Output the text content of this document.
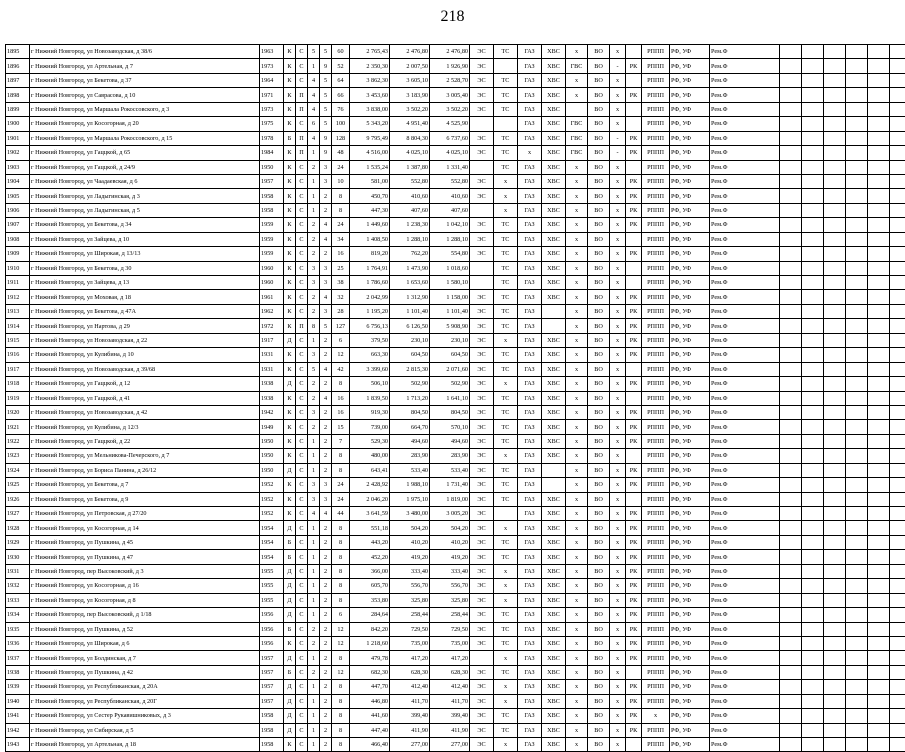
218
1895	г Нижний Новгород, ул Новозаводская, д 38/6	1963	К	С	5	5	60	2 765,43	2 476,80	2 476,80	ЭС	ТС	ГАЗ	ХВС	х	ВО	х		РППП	РФ, УФ	Рем.Ф						
1896	г Нижний Новгород, ул Артельная, д 7	1973	К	С	1	9	52	2 350,30	2 007,50	1 926,90	ЭС		ГАЗ	ХВС	ГВС	ВО	-	РК	РППП	РФ, УФ	Рем.Ф						
1897	г Нижний Новгород, ул Бекетова, д 37	1964	К	С	4	5	64	3 862,30	3 605,10	2 528,70	ЭС	ТС	ГАЗ	ХВС	х	ВО	х		РППП	РФ, УФ	Рем.Ф						
1898	г Нижний Новгород, ул Саврасова, д 10	1971	К	П	4	5	66	3 453,60	3 183,90	3 005,40	ЭС	ТС	ГАЗ	ХВС	х	ВО	х	РК	РППП	РФ, УФ	Рем.Ф						
1899	г Нижний Новгород, ул Маршала Рокоссовского, д 3	1973	К	П	4	5	76	3 838,00	3 502,20	3 502,20	ЭС	ТС	ГАЗ	ХВС		ВО	х		РППП	РФ, УФ	Рем.Ф						
1900	г Нижний Новгород, ул Косогорная, д 20	1975	К	С	6	5	100	5 343,20	4 951,40	4 525,90			ГАЗ	ХВС	ГВС	ВО	х		РППП	РФ, УФ	Рем.Ф						
1901	г Нижний Новгород, ул Маршала Рокоссовского, д 15	1978	Б	П	4	9	128	9 795,49	8 804,30	6 737,60	ЭС	ТС	ГАЗ	ХВС	ГВС	ВО	-	РК	РППП	РФ, УФ	Рем.Ф						
1902	г Нижний Новгород, ул Гаццкой, д 65	1984	К	П	1	9	48	4 516,00	4 025,10	4 025,10	ЭС	ТС	х	ХВС	ГВС	ВО	-	РК	РППП	РФ, УФ	Рем.Ф						
1903	г Нижний Новгород, ул Гаццкой, д 24/9	1950	К	С	2	3	24	1 535,24	1 387,80	1 331,40		ТС	ГАЗ	ХВС	х	ВО	х		РППП	РФ, УФ	Рем.Ф						
1904	г Нижний Новгород, ул Чаадаевская, д 6	1957	К	С	1	3	10	581,00	552,80	552,80	ЭС	х	ГАЗ	ХВС	х	ВО	х	РК	РППП	РФ, УФ	Рем.Ф						
1905	г Нижний Новгород, ул Ладыгинская, д 3	1958	К	С	1	2	8	450,70	410,60	410,60	ЭС	х	ГАЗ	ХВС	х	ВО	х	РК	РППП	РФ, УФ	Рем.Ф						
1906	г Нижний Новгород, ул Ладыгинская, д 5	1958	К	С	1	2	8	447,30	407,60	407,60		х	ГАЗ	ХВС	х	ВО	х	РК	РППП	РФ, УФ	Рем.Ф						
1907	г Нижний Новгород, ул Бекетова, д 34	1959	К	С	2	4	24	1 449,60	1 238,30	1 042,10	ЭС	ТС	ГАЗ	ХВС	х	ВО	х	РК	РППП	РФ, УФ	Рем.Ф						
1908	г Нижний Новгород, ул Зайцева, д 10	1959	К	С	2	4	34	1 408,50	1 288,10	1 288,10	ЭС	ТС	ГАЗ	ХВС	х	ВО	х		РППП	РФ, УФ	Рем.Ф						
1909	г Нижний Новгород, ул Широкая, д 13/13	1959	К	С	2	2	16	819,20	762,20	554,80	ЭС	ТС	ГАЗ	ХВС	х	ВО	х	РК	РППП	РФ, УФ	Рем.Ф						
1910	г Нижний Новгород, ул Бекетова, д 30	1960	К	С	3	3	25	1 764,91	1 473,90	1 018,60		ТС	ГАЗ	ХВС	х	ВО	х		РППП	РФ, УФ	Рем.Ф						
1911	г Нижний Новгород, ул Зайцева, д 13	1960	К	С	3	3	38	1 786,60	1 653,60	1 580,10		ТС	ГАЗ	ХВС	х	ВО	х		РППП	РФ, УФ	Рем.Ф						
1912	г Нижний Новгород, ул Моховая, д 18	1961	К	С	2	4	32	2 042,99	1 312,90	1 158,00	ЭС	ТС	ГАЗ	ХВС	х	ВО	х	РК	РППП	РФ, УФ	Рем.Ф						
1913	г Нижний Новгород, ул Бекетова, д 47А	1962	К	С	2	3	28	1 195,20	1 101,40	1 101,40	ЭС	ТС	ГАЗ		х	ВО	х	РК	РППП	РФ, УФ	Рем.Ф						
1914	г Нижний Новгород, ул Нартова, д 29	1972	К	П	8	5	127	6 756,13	6 126,50	5 908,90	ЭС	ТС	ГАЗ		х	ВО	х	РК	РППП	РФ, УФ	Рем.Ф						
1915	г Нижний Новгород, ул Новозаводская, д 22	1917	Д	С	1	2	6	379,50	230,10	230,10	ЭС	х	ГАЗ	ХВС	х	ВО	х	РК	РППП	РФ, УФ	Рем.Ф						
1916	г Нижний Новгород, ул Кулибина, д 10	1931	К	С	3	2	12	663,30	604,50	604,50	ЭС	ТС	ГАЗ	ХВС	х	ВО	х	РК	РППП	РФ, УФ	Рем.Ф						
1917	г Нижний Новгород, ул Новозаводская, д 39/68	1931	К	С	5	4	42	3 399,60	2 815,30	2 071,60	ЭС	ТС	ГАЗ	ХВС	х	ВО	х		РППП	РФ, УФ	Рем.Ф						
1918	г Нижний Новгород, ул Гаццкой, д 12	1938	Д	С	2	2	8	506,10	502,90	502,90	ЭС	х	ГАЗ	ХВС	х	ВО	х	РК	РППП	РФ, УФ	Рем.Ф						
1919	г Нижний Новгород, ул Гаццкой, д 41	1938	К	С	2	4	16	1 839,50	1 713,20	1 641,10	ЭС	ТС	ГАЗ	ХВС	х	ВО	х		РППП	РФ, УФ	Рем.Ф						
1920	г Нижний Новгород, ул Новозаводская, д 42	1942	К	С	3	2	16	919,30	804,50	804,50	ЭС	ТС	ГАЗ	ХВС	х	ВО	х	РК	РППП	РФ, УФ	Рем.Ф						
1921	г Нижний Новгород, ул Кулибина, д 12/3	1949	К	С	2	2	15	739,00	664,70	570,10	ЭС	ТС	ГАЗ	ХВС	х	ВО	х	РК	РППП	РФ, УФ	Рем.Ф						
1922	г Нижний Новгород, ул Гаццкой, д 22	1950	К	С	1	2	7	529,30	494,60	494,60	ЭС	ТС	ГАЗ	ХВС	х	ВО	х	РК	РППП	РФ, УФ	Рем.Ф						
1923	г Нижний Новгород, ул Мельникова-Печерского, д 7	1950	К	С	1	2	8	480,00	283,90	283,90	ЭС	х	ГАЗ	ХВС	х	ВО	х		РППП	РФ, УФ	Рем.Ф						
1924	г Нижний Новгород, ул Бориса Панина, д 26/12	1950	Д	С	1	2	8	643,41	533,40	533,40	ЭС	ТС	ГАЗ		х	ВО	х	РК	РППП	РФ, УФ	Рем.Ф						
1925	г Нижний Новгород, ул Бекетова, д 7	1952	К	С	3	3	24	2 428,92	1 988,10	1 731,40	ЭС	ТС	ГАЗ		х	ВО	х	РК	РППП	РФ, УФ	Рем.Ф						
1926	г Нижний Новгород, ул Бекетова, д 9	1952	К	С	3	3	24	2 046,20	1 975,10	1 819,00	ЭС	ТС	ГАЗ	ХВС	х	ВО	х		РППП	РФ, УФ	Рем.Ф						
1927	г Нижний Новгород, ул Петровская, д 27/20	1952	К	С	4	4	44	3 641,59	3 480,00	3 005,20	ЭС		ГАЗ	ХВС	х	ВО	х	РК	РППП	РФ, УФ	Рем.Ф						
1928	г Нижний Новгород, ул Косогорная, д 14	1954	Д	С	1	2	8	551,18	504,20	504,20	ЭС	х	ГАЗ	ХВС	х	ВО	х	РК	РППП	РФ, УФ	Рем.Ф						
1929	г Нижний Новгород, ул Пушкина, д 45	1954	Б	С	1	2	8	443,20	410,20	410,20	ЭС	ТС	ГАЗ	ХВС	х	ВО	х	РК	РППП	РФ, УФ	Рем.Ф						
1930	г Нижний Новгород, ул Пушкина, д 47	1954	Б	С	1	2	8	452,20	419,20	419,20	ЭС	ТС	ГАЗ	ХВС	х	ВО	х	РК	РППП	РФ, УФ	Рем.Ф						
1931	г Нижний Новгород, пер Высоковский, д 3	1955	Д	С	1	2	8	366,00	333,40	333,40	ЭС	х	ГАЗ	ХВС	х	ВО	х	РК	РППП	РФ, УФ	Рем.Ф						
1932	г Нижний Новгород, ул Косогорная, д 16	1955	Д	С	1	2	8	605,70	556,70	556,70	ЭС	х	ГАЗ	ХВС	х	ВО	х	РК	РППП	РФ, УФ	Рем.Ф						
1933	г Нижний Новгород, ул Косогорная, д 8	1955	Д	С	1	2	8	353,80	325,80	325,80	ЭС	х	ГАЗ	ХВС	х	ВО	х	РК	РППП	РФ, УФ	Рем.Ф						
1934	г Нижний Новгород, пер Высоковский, д 1/18	1956	Д	С	1	2	6	284,64	258,44	258,44	ЭС	ТС	ГАЗ	ХВС	х	ВО	х	РК	РППП	РФ, УФ	Рем.Ф						
1935	г Нижний Новгород, ул Пушкина, д 52	1956	Б	С	2	2	12	842,20	729,50	729,50	ЭС	ТС	ГАЗ	ХВС	х	ВО	х	РК	РППП	РФ, УФ	Рем.Ф						
1936	г Нижний Новгород, ул Широкая, д 6	1956	К	С	2	2	12	1 218,60	735,00	735,00	ЭС	ТС	ГАЗ	ХВС	х	ВО	х	РК	РППП	РФ, УФ	Рем.Ф						
1937	г Нижний Новгород, ул Болдинская, д 7	1957	Д	С	1	2	8	479,78	417,20	417,20		х	ГАЗ	ХВС	х	ВО	х	РК	РППП	РФ, УФ	Рем.Ф						
1938	г Нижний Новгород, ул Пушкина, д 42	1957	Б	С	2	2	12	682,30	628,30	628,30	ЭС	ТС	ГАЗ	ХВС	х	ВО	х		РППП	РФ, УФ	Рем.Ф						
1939	г Нижний Новгород, ул Республиканская, д 20А	1957	Д	С	1	2	8	447,70	412,40	412,40	ЭС	х	ГАЗ	ХВС	х	ВО	х	РК	РППП	РФ, УФ	Рем.Ф						
1940	г Нижний Новгород, ул Республиканская, д 20Г	1957	Д	С	1	2	8	446,80	411,70	411,70	ЭС	х	ГАЗ	ХВС	х	ВО	х	РК	РППП	РФ, УФ	Рем.Ф						
1941	г Нижний Новгород, ул Сестер Рукавишниковых, д 3	1958	Д	С	1	2	8	441,60	399,40	399,40	ЭС	ТС	ГАЗ	ХВС	х	ВО	х	РК	х	РФ, УФ	Рем.Ф						
1942	г Нижний Новгород, ул Сибирская, д 5	1958	Д	С	1	2	8	447,40	411,90	411,90	ЭС	ТС	ГАЗ	ХВС	х	ВО	х	РК	РППП	РФ, УФ	Рем.Ф						
1943	г Нижний Новгород, ул Артельная, д 18	1958	К	С	1	2	8	466,40	277,00	277,00	ЭС	х	ГАЗ	ХВС	х	ВО	х		РППП	РФ, УФ	Рем.Ф						
